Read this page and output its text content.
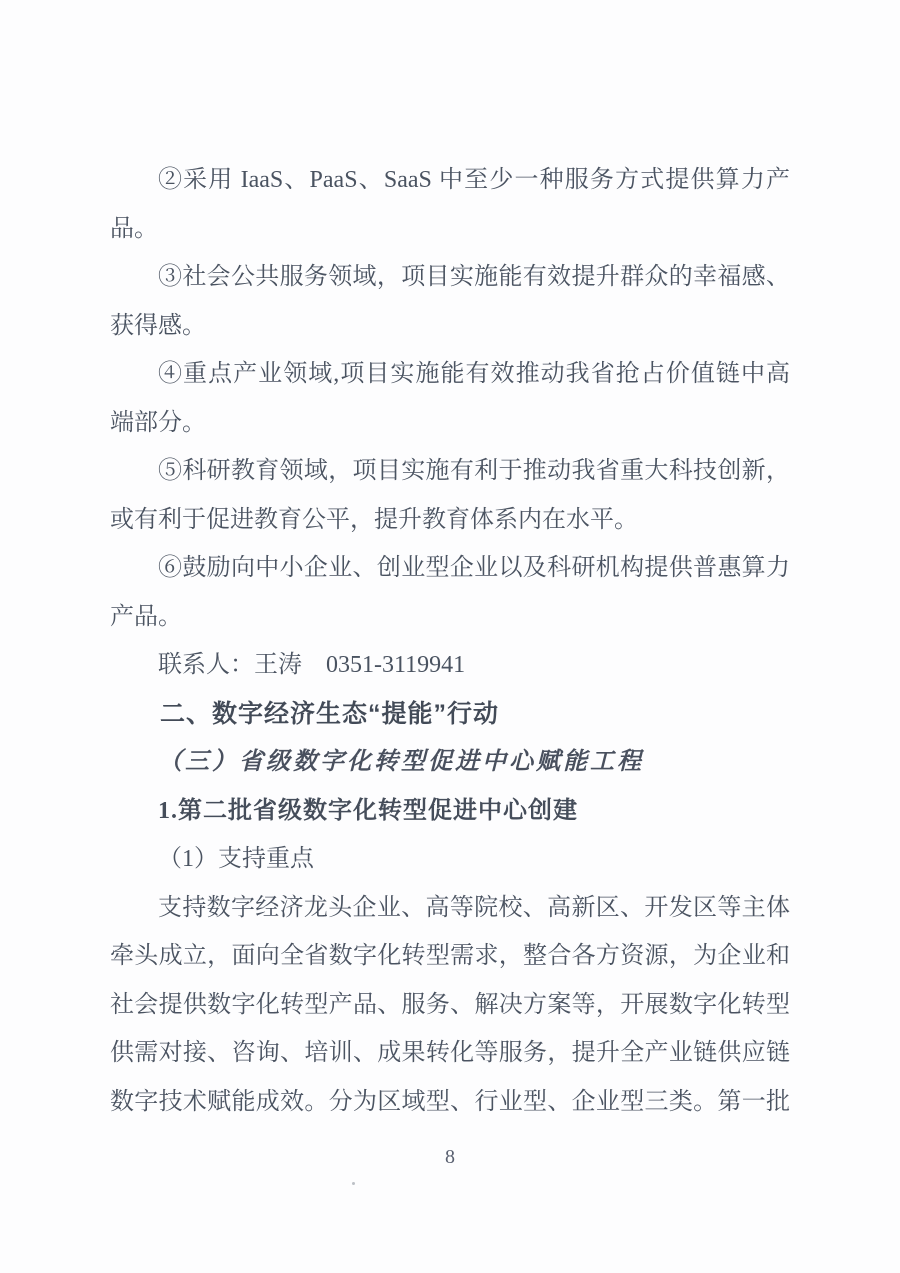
②采用 IaaS、PaaS、SaaS 中至少一种服务方式提供算力产
品。
③社会公共服务领域，项目实施能有效提升群众的幸福感、
获得感。
④重点产业领域,项目实施能有效推动我省抢占价值链中高
端部分。
⑤科研教育领域，项目实施有利于推动我省重大科技创新，
或有利于促进教育公平，提升教育体系内在水平。
⑥鼓励向中小企业、创业型企业以及科研机构提供普惠算力
产品。
联系人：王涛　0351-3119941
二、数字经济生态“提能”行动
（三）省级数字化转型促进中心赋能工程
1.第二批省级数字化转型促进中心创建
（1）支持重点
支持数字经济龙头企业、高等院校、高新区、开发区等主体
牵头成立，面向全省数字化转型需求，整合各方资源，为企业和
社会提供数字化转型产品、服务、解决方案等，开展数字化转型
供需对接、咨询、培训、成果转化等服务，提升全产业链供应链
数字技术赋能成效。分为区域型、行业型、企业型三类。第一批
8
